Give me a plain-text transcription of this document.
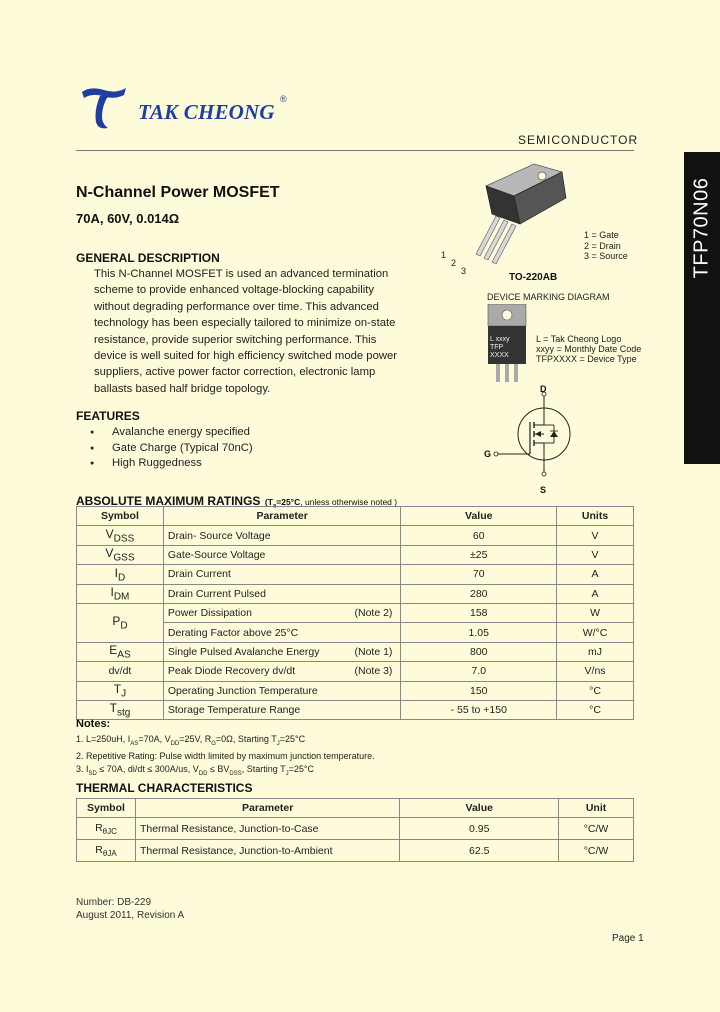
TAK CHEONG
®
SEMICONDUCTOR
TFP70N06
N-Channel Power MOSFET
70A, 60V, 0.014Ω
GENERAL DESCRIPTION
This N-Channel MOSFET is used an advanced termination
scheme to provide enhanced voltage-blocking capability
without degrading performance over time. This advanced
technology has been especially tailored to minimize on-state
resistance, provide superior switching performance. This
device is well suited for high efficiency switched mode power
suppliers, active power factor correction, electronic lamp
ballasts based half bridge topology.
FEATURES
● Avalanche energy specified
● Gate Charge (Typical 70nC)
● High Ruggedness
1
2
3
1 = Gate
2 = Drain
3 = Source
TO-220AB
DEVICE MARKING DIAGRAM
L xxxy
TFP
XXXX
L = Tak Cheong Logo
xxyy = Monthly Date Code
TFPXXXX = Device Type
D
G
S
ABSOLUTE MAXIMUM RATINGS ($T_a=25^\circ C$, unless otherwise noted )
Symbol	Parameter	Value	Units
$V_{DSS}$	Drain- Source Voltage	60	V
$V_{GSS}$	Gate-Source Voltage	±25	V
$I_D$	Drain Current	70	A
$I_{DM}$	Drain Current Pulsed	280	A
$P_D$	Power Dissipation (Note 2)	158	W
	Derating Factor above 25°C	1.05	W/°C
$E_{AS}$	Single Pulsed Avalanche Energy (Note 1)	800	mJ
dv/dt	Peak Diode Recovery dv/dt (Note 3)	7.0	V/ns
$T_J$	Operating Junction Temperature	150	°C
$T_{stg}$	Storage Temperature Range	- 55 to +150	°C
Notes:
1. L=250uH, $I_{AS}=70A$, $V_{DD}=25V$, $R_G=0\Omega$, Starting $T_J=25^\circ C$
2. Repetitive Rating: Pulse width limited by maximum junction temperature.
3. $I_{SD} \le 70A$, di/dt ≤ 300A/us, $V_{DD} \le BV_{DSS}$, Starting $T_J=25^\circ C$
THERMAL CHARACTERISTICS
Symbol	Parameter	Value	Unit
$R_{\theta JC}$	Thermal Resistance, Junction-to-Case	0.95	°C/W
$R_{\theta JA}$	Thermal Resistance, Junction-to-Ambient	62.5	°C/W
Number: DB-229
August 2011, Revision A
Page 1
